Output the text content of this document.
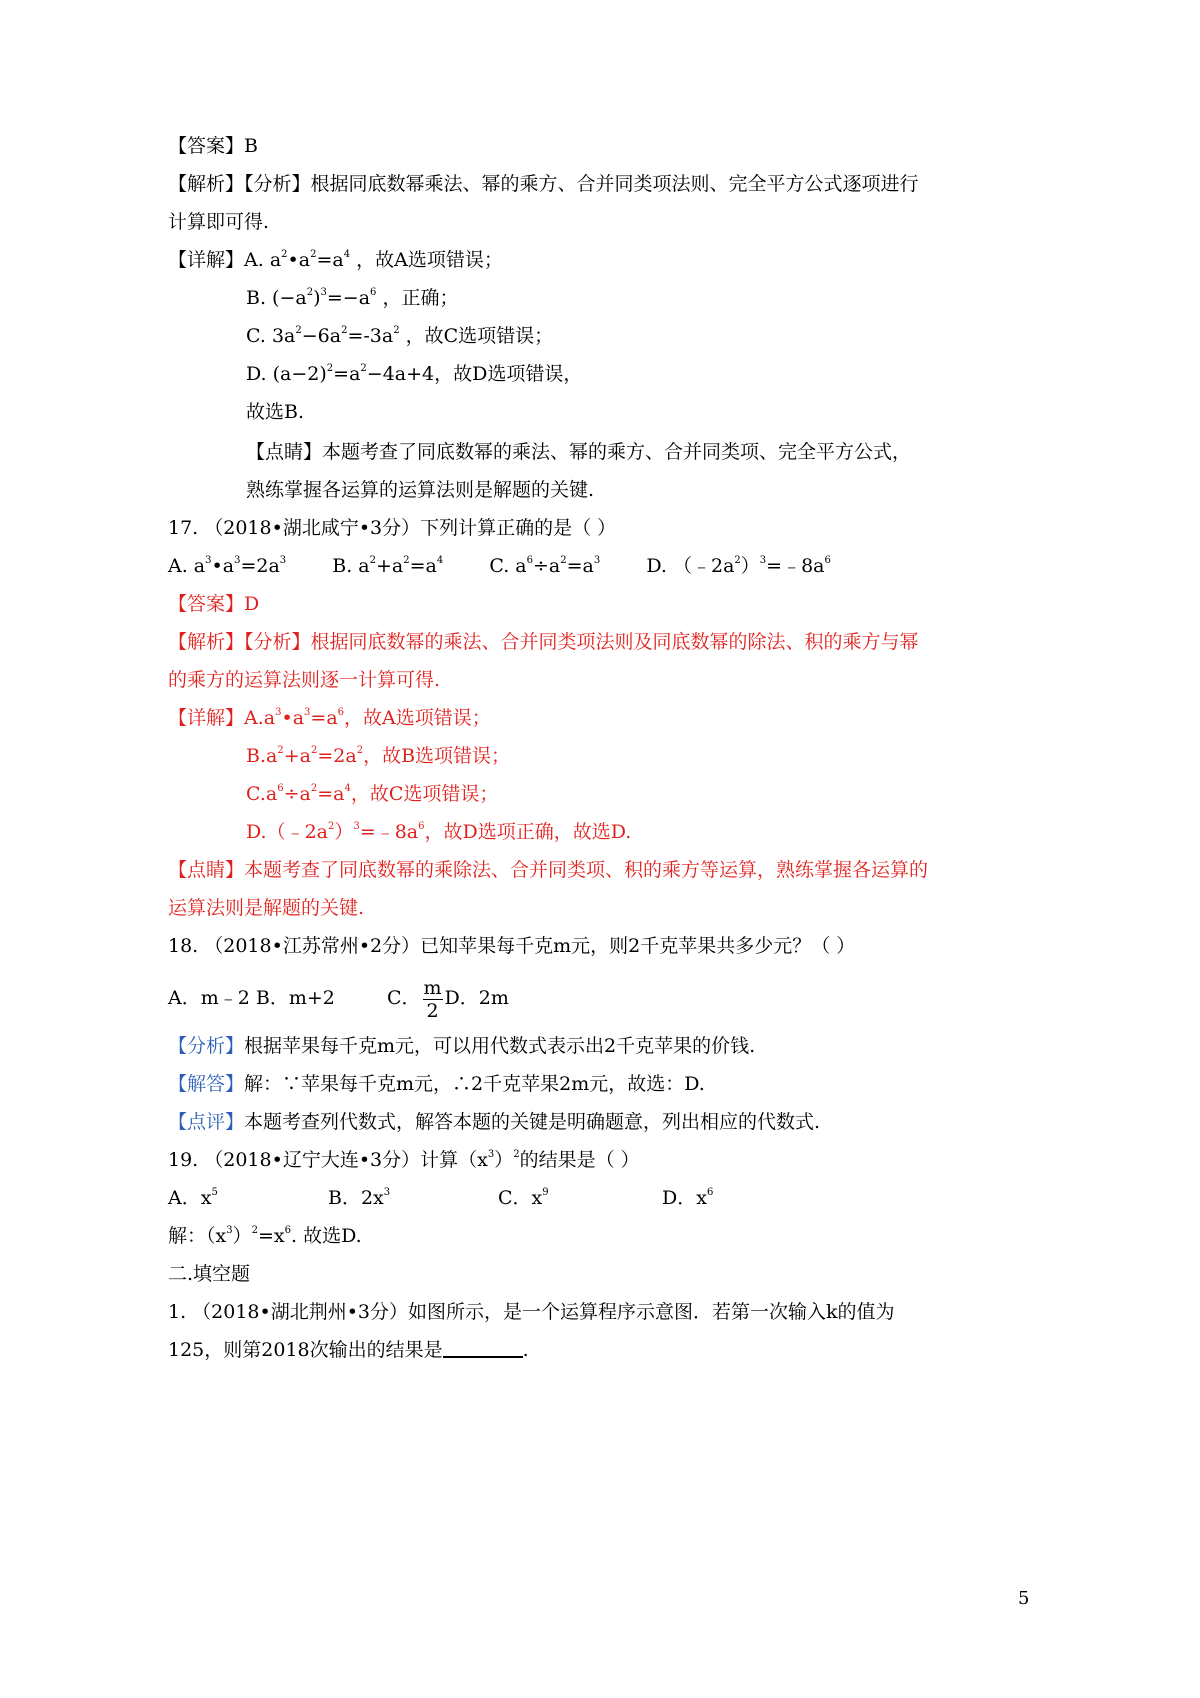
【答案】B
【解析】【分析】根据同底数幂乘法、幂的乘方、合并同类项法则、完全平方公式逐项进行
计算即可得.
【详解】A. $a^2•a^2=a^4$ ，故A选项错误；
B. $(-a^2)^3=-a^6$ ，正确；
C. $3a^2-6a^2=-3a^2$ ，故C选项错误；
D. $(a-2)^2=a^2-4a+4$，故D选项错误，
故选B.
【点睛】本题考查了同底数幂的乘法、幂的乘方、合并同类项、完全平方公式，
熟练掌握各运算的运算法则是解题的关键.
17. （2018•湖北咸宁•3分）下列计算正确的是（ ）
A. $a^3•a^3=2a^3$ B. $a^2+a^2=a^4$ C. $a^6\div a^2=a^3$ D. $(﹣2a^2)^3=﹣8a^6$
【答案】D
【解析】【分析】根据同底数幂的乘法、合并同类项法则及同底数幂的除法、积的乘方与幂
的乘方的运算法则逐一计算可得.
【详解】$A.a^3•a^3=a^6$，故A选项错误；
$B.a^2+a^2=2a^2$，故B选项错误；
$C.a^6\div a^2=a^4$，故C选项错误；
$D.(﹣2a^2)^3=﹣8a^6$，故D选项正确，故选D.
【点睛】本题考查了同底数幂的乘除法、合并同类项、积的乘方等运算，熟练掌握各运算的
运算法则是解题的关键.
18. （2018•江苏常州•2分）已知苹果每千克m元，则2千克苹果共多少元？（ ）
A．m﹣2 B．m+2	C． $\frac{m}{2}$ D．2m
【分析】根据苹果每千克m元，可以用代数式表示出2千克苹果的价钱.
【解答】解：∵苹果每千克m元，∴2千克苹果2m元，故选：D.
【点评】本题考查列代数式，解答本题的关键是明确题意，列出相应的代数式.
19. （2018•辽宁大连•3分）计算$(x^3)^2$的结果是（ ）
A．$x^5$	B．$2x^3$	C．$x^9$	D．$x^6$
解：$(x^3)^2=x^6$. 故选D.
二.填空题
1. （2018•湖北荆州•3分）如图所示，是一个运算程序示意图．若第一次输入k的值为
125，则第2018次输出的结果是	.
5
